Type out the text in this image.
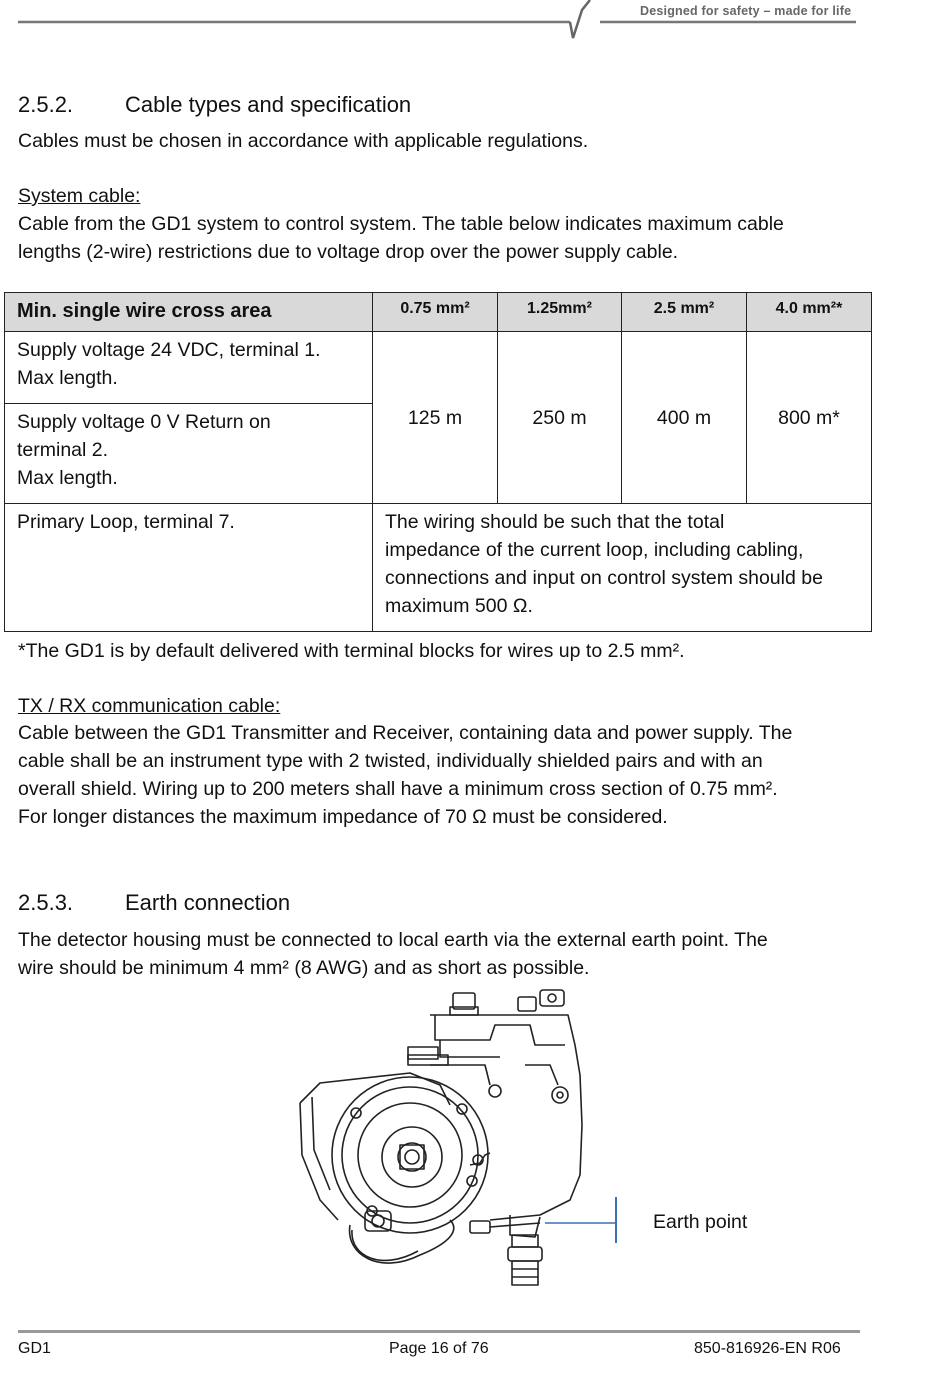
Designed for safety – made for life
2.5.2. Cable types and specification
Cables must be chosen in accordance with applicable regulations.
System cable:
Cable from the GD1 system to control system. The table below indicates maximum cable
lengths (2-wire) restrictions due to voltage drop over the power supply cable.
Min. single wire cross area	0.75 mm²	1.25mm²	2.5 mm²	4.0 mm²*

Supply voltage 24 VDC, terminal 1.
Max length.	125 m	250 m	400 m	800 m*

Supply voltage 0 V Return on
terminal 2.
Max length.				

Primary Loop, terminal 7.	The wiring should be such that the total
impedance of the current loop, including cabling,
connections and input on control system should be
maximum 500 Ω.			
*The GD1 is by default delivered with terminal blocks for wires up to 2.5 mm².
TX / RX communication cable:
Cable between the GD1 Transmitter and Receiver, containing data and power supply. The
cable shall be an instrument type with 2 twisted, individually shielded pairs and with an
overall shield. Wiring up to 200 meters shall have a minimum cross section of 0.75 mm².
For longer distances the maximum impedance of 70 Ω must be considered.
2.5.3. Earth connection
The detector housing must be connected to local earth via the external earth point. The
wire should be minimum 4 mm² (8 AWG) and as short as possible.
Earth point
GD1	Page 16 of 76	850-816926-EN R06
